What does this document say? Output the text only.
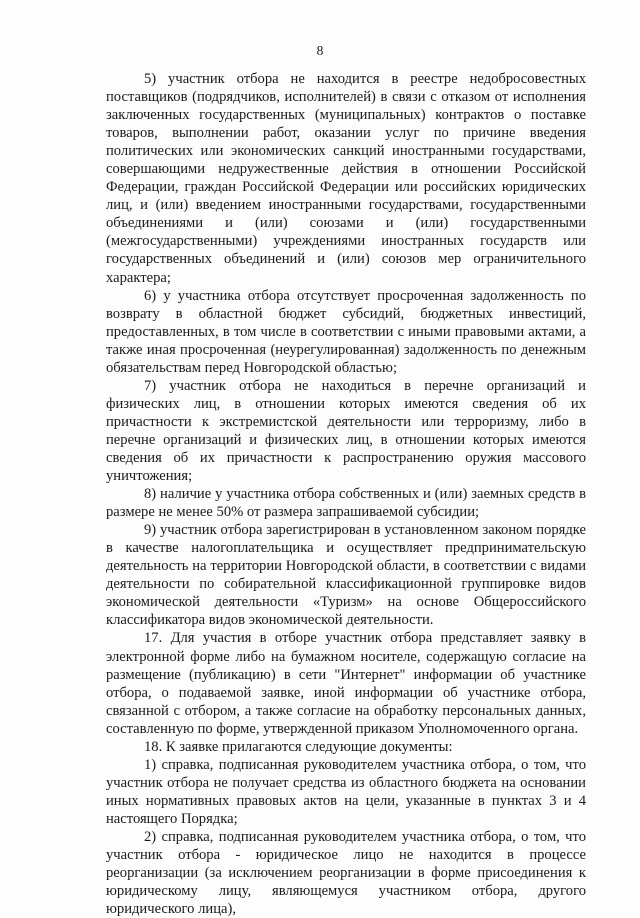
8

5) участник отбора не находится в реестре недобросовестных поставщиков (подрядчиков, исполнителей) в связи с отказом от исполнения заключенных государственных (муниципальных) контрактов о поставке товаров, выполнении работ, оказании услуг по причине введения политических или экономических санкций иностранными государствами, совершающими недружественные действия в отношении Российской Федерации, граждан Российской Федерации или российских юридических лиц, и (или) введением иностранными государствами, государственными объединениями и (или) союзами и (или) государственными (межгосударственными) учреждениями иностранных государств или государственных объединений и (или) союзов мер ограничительного характера;

6) у участника отбора отсутствует просроченная задолженность по возврату в областной бюджет субсидий, бюджетных инвестиций, предоставленных, в том числе в соответствии с иными правовыми актами, а также иная просроченная (неурегулированная) задолженность по денежным обязательствам перед Новгородской областью;

7) участник отбора не находиться в перечне организаций и физических лиц, в отношении которых имеются сведения об их причастности к экстремистской деятельности или терроризму, либо в перечне организаций и физических лиц, в отношении которых имеются сведения об их причастности к распространению оружия массового уничтожения;

8) наличие у участника отбора собственных и (или) заемных средств в размере не менее 50% от размера запрашиваемой субсидии;

9) участник отбора зарегистрирован в установленном законом порядке в качестве налогоплательщика и осуществляет предпринимательскую деятельность на территории Новгородской области, в соответствии с видами деятельности по собирательной классификационной группировке видов экономической деятельности «Туризм» на основе Общероссийского классификатора видов экономической деятельности.

17. Для участия в отборе участник отбора представляет заявку в электронной форме либо на бумажном носителе, содержащую согласие на размещение (публикацию) в сети "Интернет" информации об участнике отбора, о подаваемой заявке, иной информации об участнике отбора, связанной с отбором, а также согласие на обработку персональных данных, составленную по форме, утвержденной приказом Уполномоченного органа.

18. К заявке прилагаются следующие документы:

1) справка, подписанная руководителем участника отбора, о том, что участник отбора не получает средства из областного бюджета на основании иных нормативных правовых актов на цели, указанные в пунктах 3 и 4 настоящего Порядка;

2) справка, подписанная руководителем участника отбора, о том, что участник отбора - юридическое лицо не находится в процессе реорганизации (за исключением реорганизации в форме присоединения к юридическому лицу, являющемуся участником отбора, другого юридического лица),
